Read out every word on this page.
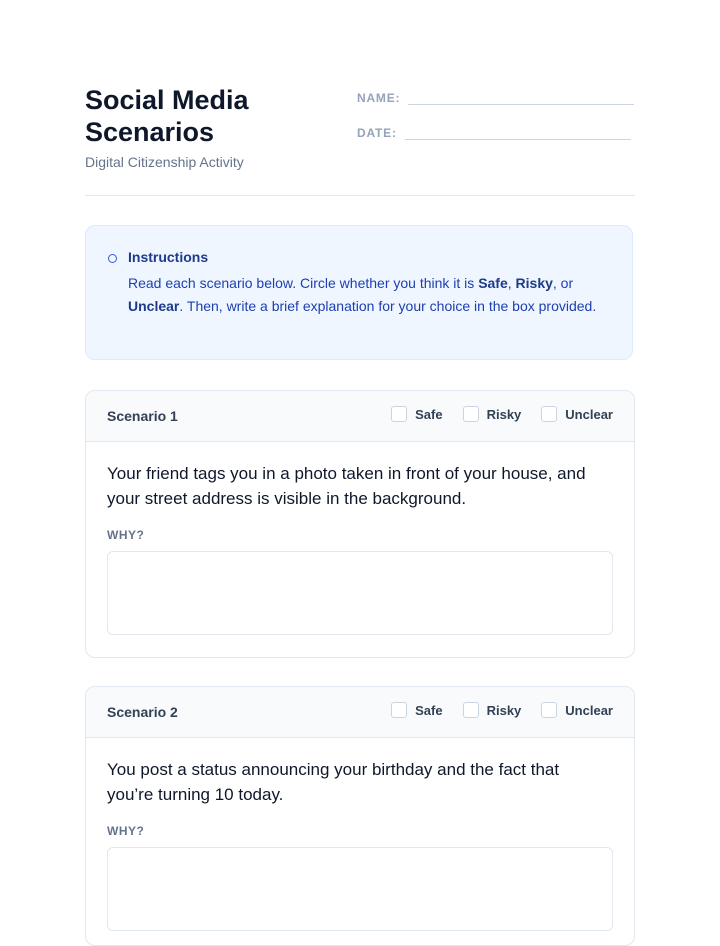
Social Media Scenarios
Digital Citizenship Activity
NAME:
DATE:
Instructions
Read each scenario below. Circle whether you think it is Safe, Risky, or Unclear. Then, write a brief explanation for your choice in the box provided.
Scenario 1	Safe	Risky	Unclear
Your friend tags you in a photo taken in front of your house, and your street address is visible in the background.
WHY?
Scenario 2	Safe	Risky	Unclear
You post a status announcing your birthday and the fact that you’re turning 10 today.
WHY?
